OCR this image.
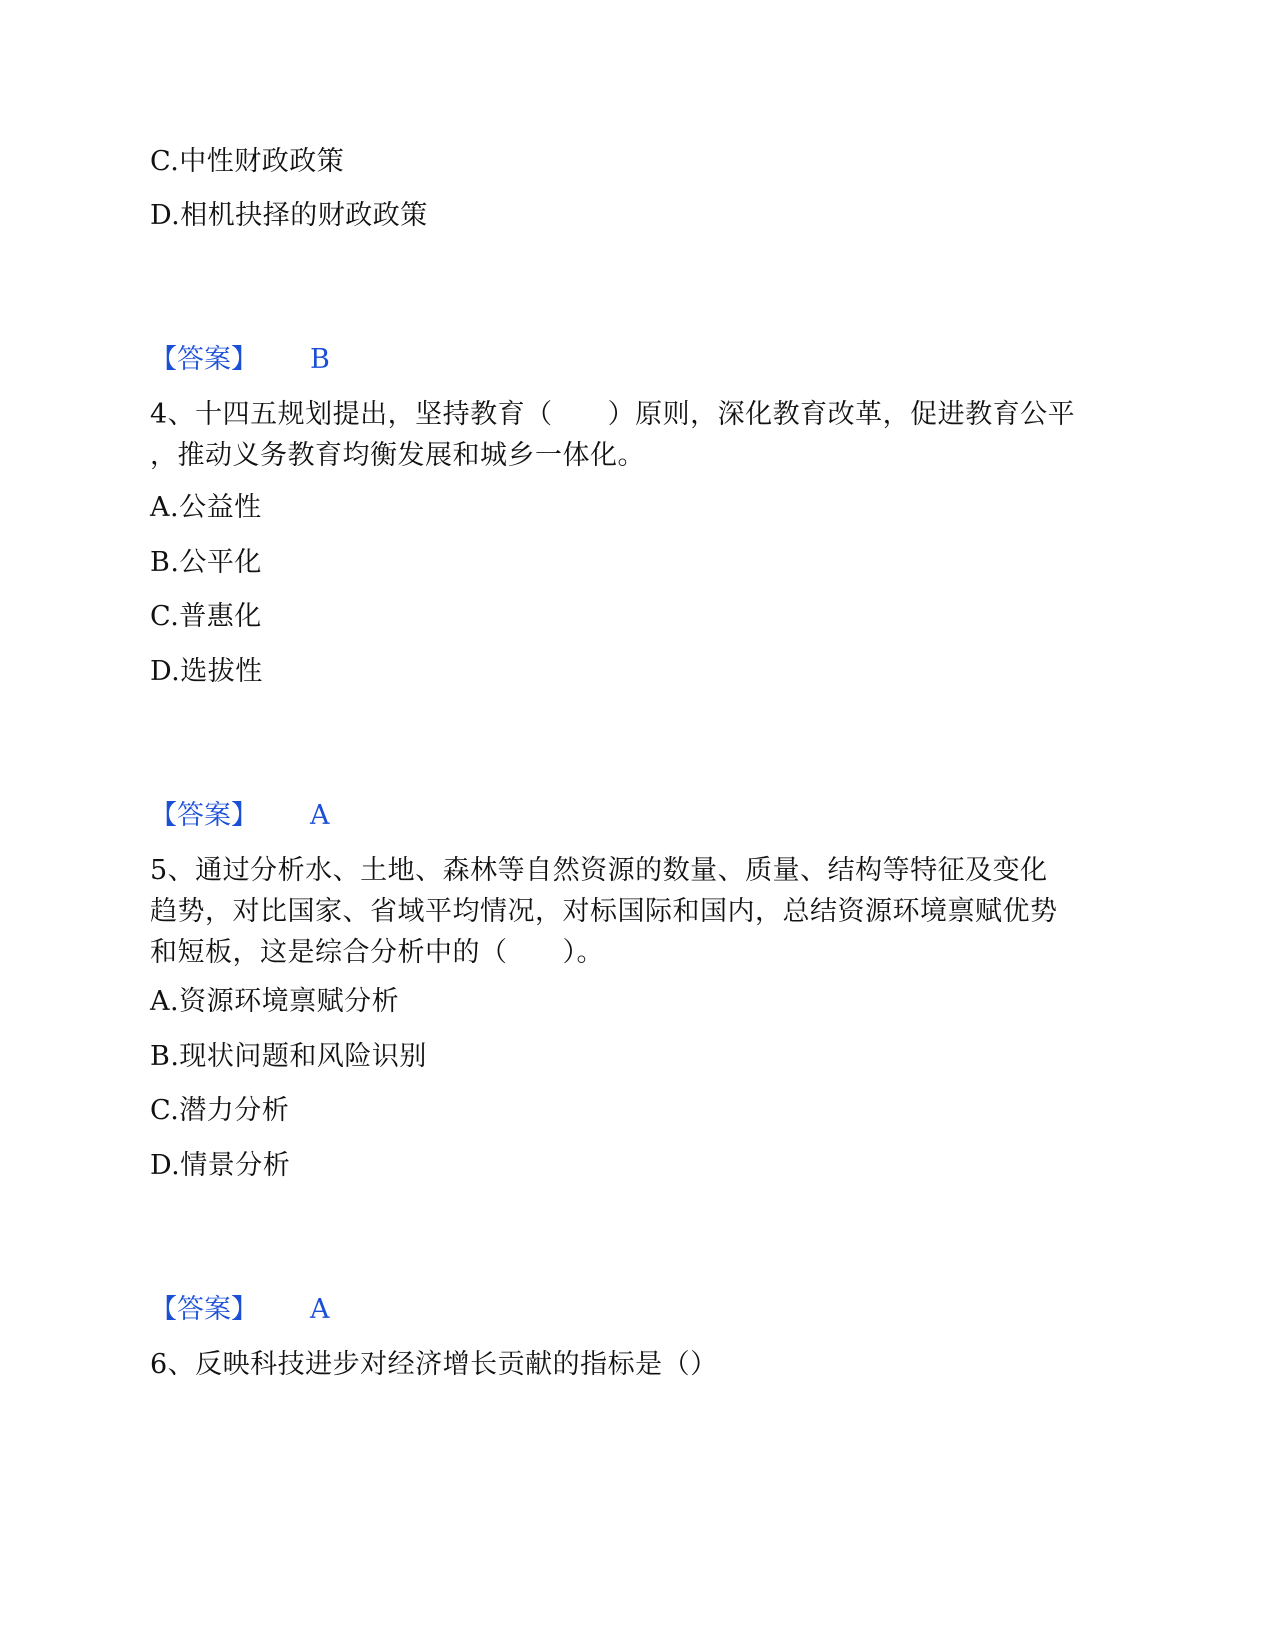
C.中性财政政策
D.相机抉择的财政政策
【答案】 B
4、十四五规划提出，坚持教育（　　）原则，深化教育改革，促进教育公平
，推动义务教育均衡发展和城乡一体化。
A.公益性
B.公平化
C.普惠化
D.选拔性
【答案】 A
5、通过分析水、土地、森林等自然资源的数量、质量、结构等特征及变化
趋势，对比国家、省域平均情况，对标国际和国内，总结资源环境禀赋优势
和短板，这是综合分析中的（　　）。
A.资源环境禀赋分析
B.现状问题和风险识别
C.潜力分析
D.情景分析
【答案】 A
6、反映科技进步对经济增长贡献的指标是（）
